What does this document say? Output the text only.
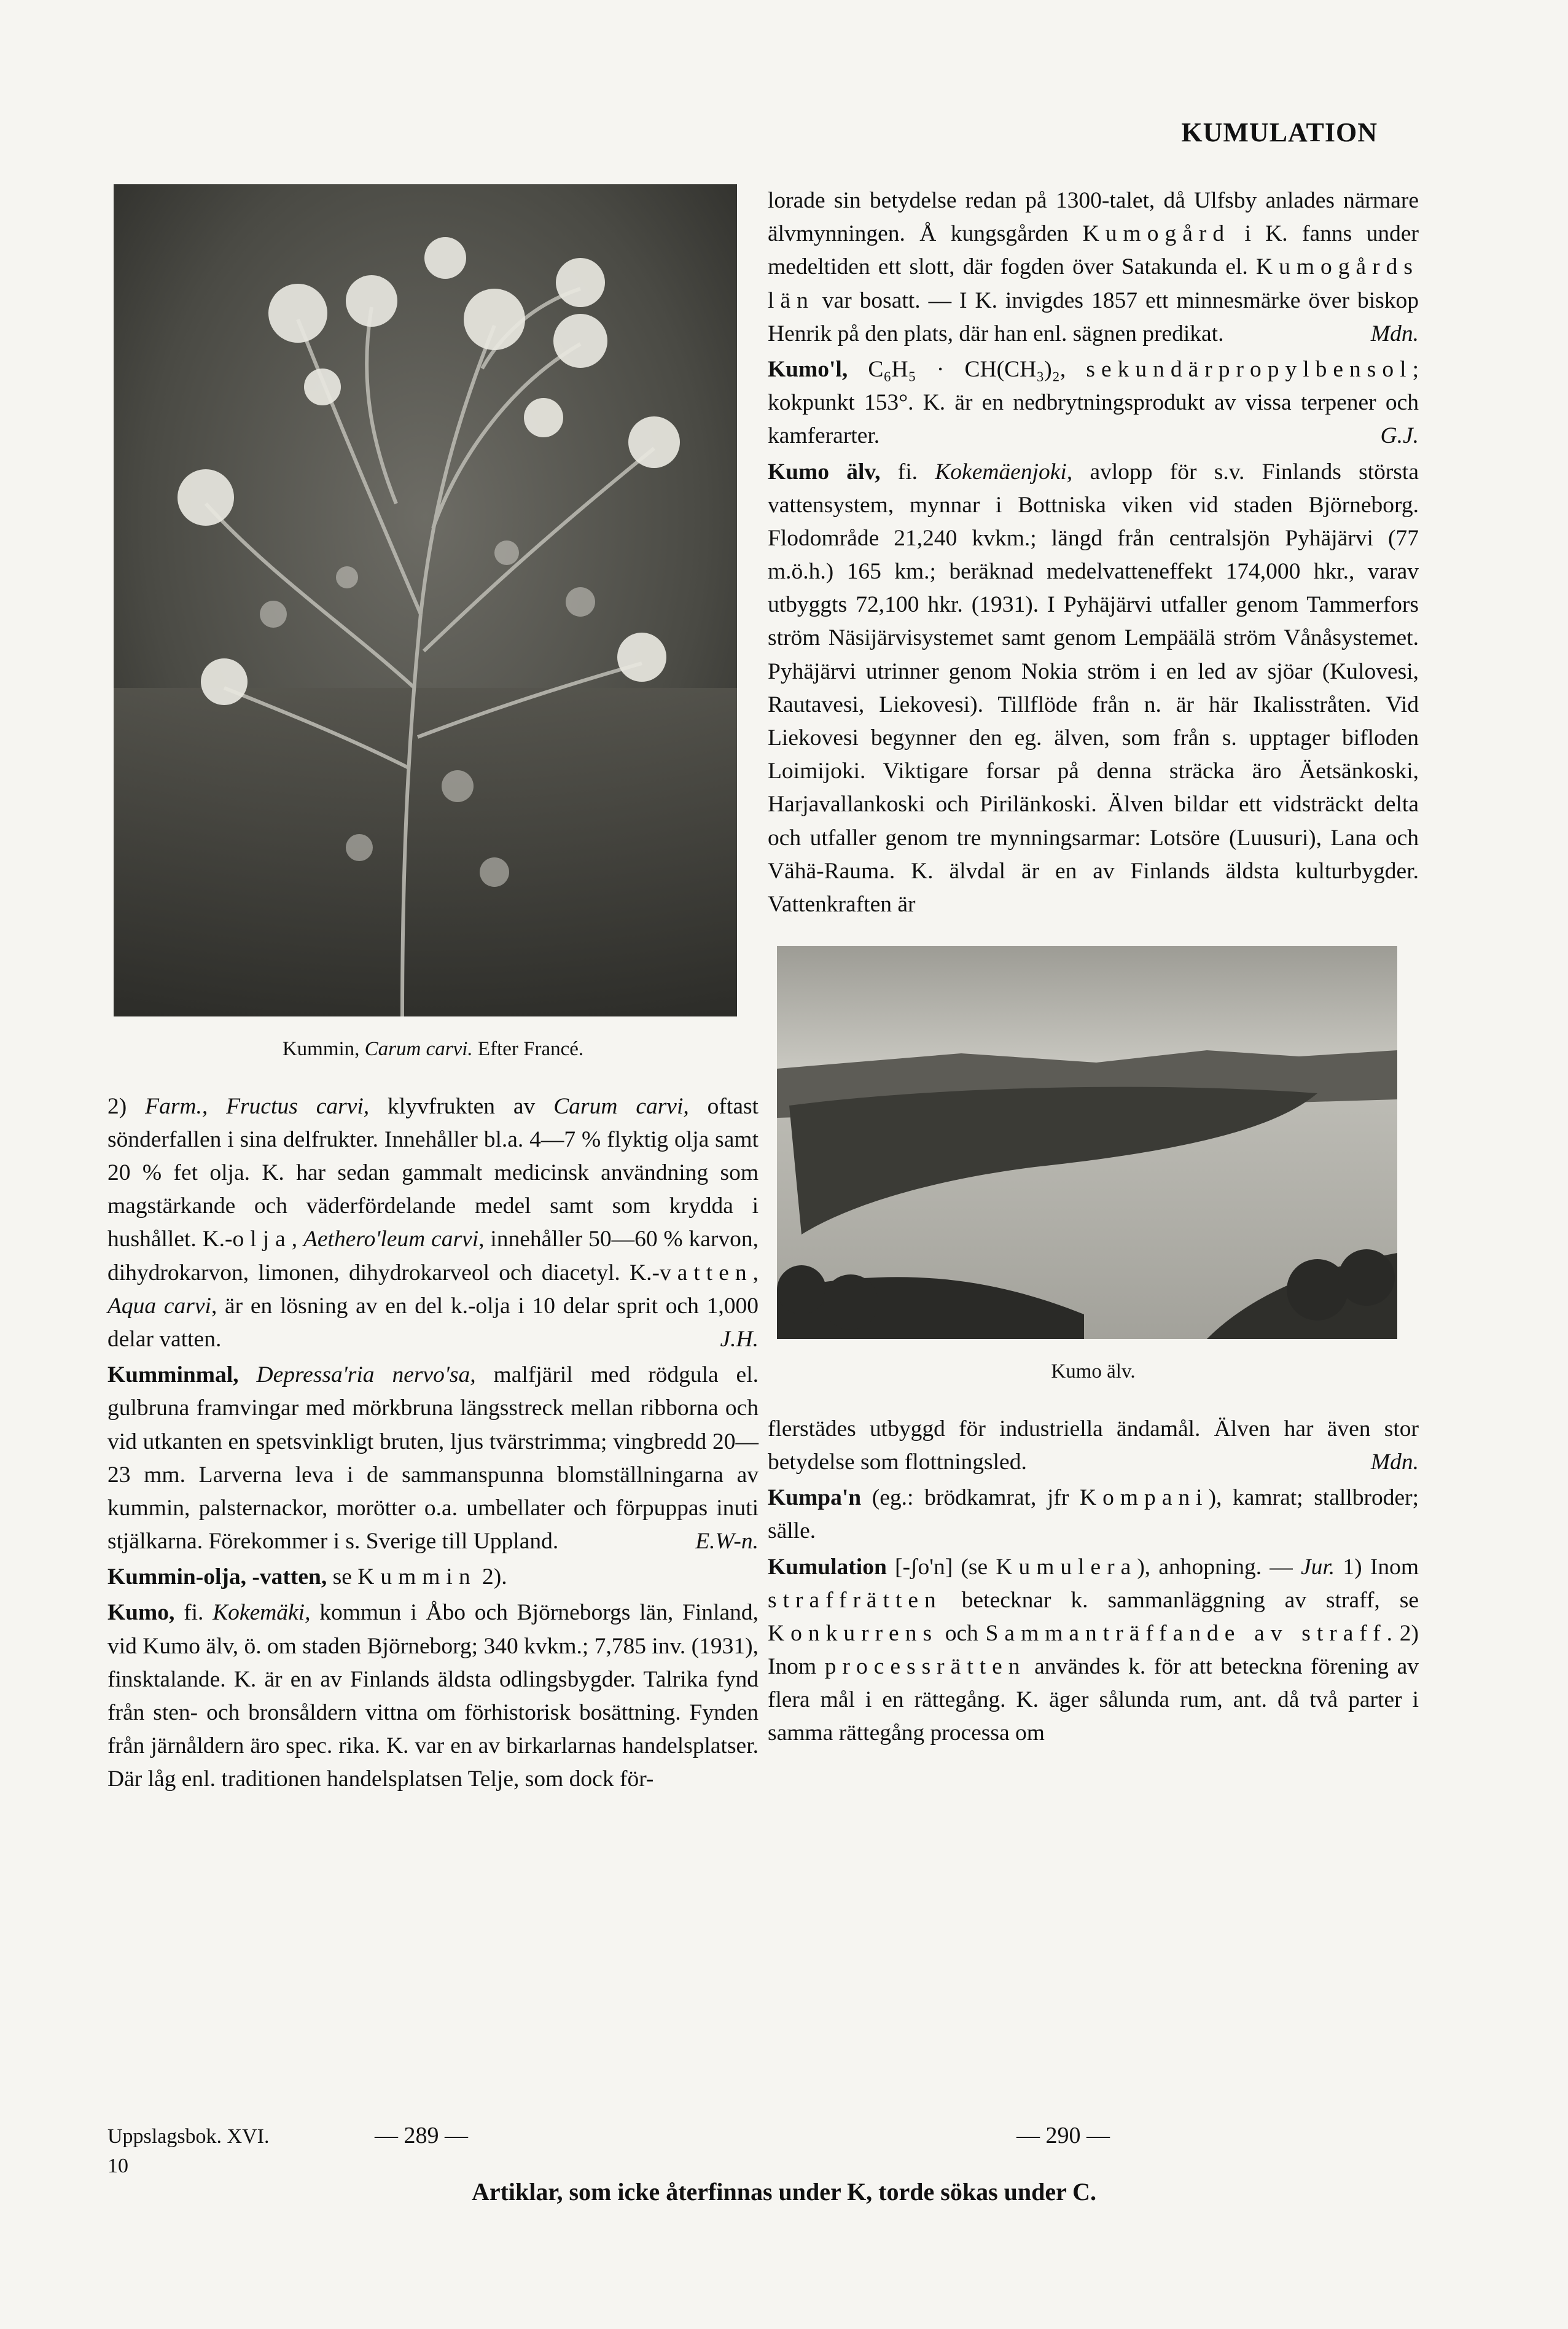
KUMULATION
Kummin, Carum carvi. Efter Francé.

2) Farm., Fructus carvi, klyvfrukten av Carum carvi, oftast sönderfallen i sina delfrukter. Innehåller bl.a. 4—7 % flyktig olja samt 20 % fet olja. K. har sedan gammalt medicinsk användning som magstärkande och väderfördelande medel samt som krydda i hushållet. K.-olja, Aethero'leum carvi, innehåller 50—60 % karvon, dihydrokarvon, limonen, dihydrokarveol och diacetyl. K.-vatten, Aqua carvi, är en lösning av en del k.-olja i 10 delar sprit och 1,000 delar vatten.	J.H.

Kumminmal, Depressa'ria nervo'sa, malfjäril med rödgula el. gulbruna framvingar med mörkbruna längsstreck mellan ribborna och vid utkanten en spetsvinkligt bruten, ljus tvärstrimma; vingbredd 20—23 mm. Larverna leva i de sammanspunna blomställningarna av kummin, palsternackor, morötter o.a. umbellater och förpuppas inuti stjälkarna. Förekommer i s. Sverige till Uppland.	E.W-n.

Kummin-olja, -vatten, se Kummin 2).

Kumo, fi. Kokemäki, kommun i Åbo och Björneborgs län, Finland, vid Kumo älv, ö. om staden Björneborg; 340 kvkm.; 7,785 inv. (1931), finsktalande. K. är en av Finlands äldsta odlingsbygder. Talrika fynd från sten- och bronsåldern vittna om förhistorisk bosättning. Fynden från järnåldern äro spec. rika. K. var en av birkarlarnas handelsplatser. Där låg enl. traditionen handelsplatsen Telje, som dock för-

lorade sin betydelse redan på 1300-talet, då Ulfsby anlades närmare älvmynningen. Å kungsgården Kumogård i K. fanns under medeltiden ett slott, där fogden över Satakunda el. Kumogårds län var bosatt. — I K. invigdes 1857 ett minnesmärke över biskop Henrik på den plats, där han enl. sägnen predikat.	Mdn.

Kumo'l, C₆H₅ · CH(CH₃)₂, sekundärpropylbensol; kokpunkt 153°. K. är en nedbrytningsprodukt av vissa terpener och kamferarter.	G.J.

Kumo älv, fi. Kokemäenjoki, avlopp för s.v. Finlands största vattensystem, mynnar i Bottniska viken vid staden Björneborg. Flodområde 21,240 kvkm.; längd från centralsjön Pyhäjärvi (77 m.ö.h.) 165 km.; beräknad medelvatteneffekt 174,000 hkr., varav utbyggts 72,100 hkr. (1931). I Pyhäjärvi utfaller genom Tammerfors ström Näsijärvisystemet samt genom Lempäälä ström Vånåsystemet. Pyhäjärvi utrinner genom Nokia ström i en led av sjöar (Kulovesi, Rautavesi, Liekovesi). Tillflöde från n. är här Ikalisstråten. Vid Liekovesi begynner den eg. älven, som från s. upptager bifloden Loimijoki. Viktigare forsar på denna sträcka äro Äetsänkoski, Harjavallankoski och Pirilänkoski. Älven bildar ett vidsträckt delta och utfaller genom tre mynningsarmar: Lotsöre (Luusuri), Lana och Vähä-Rauma. K. älvdal är en av Finlands äldsta kulturbygder. Vattenkraften är

Kumo älv.

flerstädes utbyggd för industriella ändamål. Älven har även stor betydelse som flottningsled.	Mdn.

Kumpa'n (eg.: brödkamrat, jfr Kompani), kamrat; stallbroder; sälle.

Kumulation [-ʃo'n] (se Kumulera), anhopning. — Jur. 1) Inom straffrätten betecknar k. sammanläggning av straff, se Konkurrens och Sammanträffande av straff. 2) Inom processrätten användes k. för att beteckna förening av flera mål i en rättegång. K. äger sålunda rum, ant. då två parter i samma rättegång processa om

Uppslagsbok. XVI.
10
— 289 —	— 290 —
Artiklar, som icke återfinnas under K, torde sökas under C.
